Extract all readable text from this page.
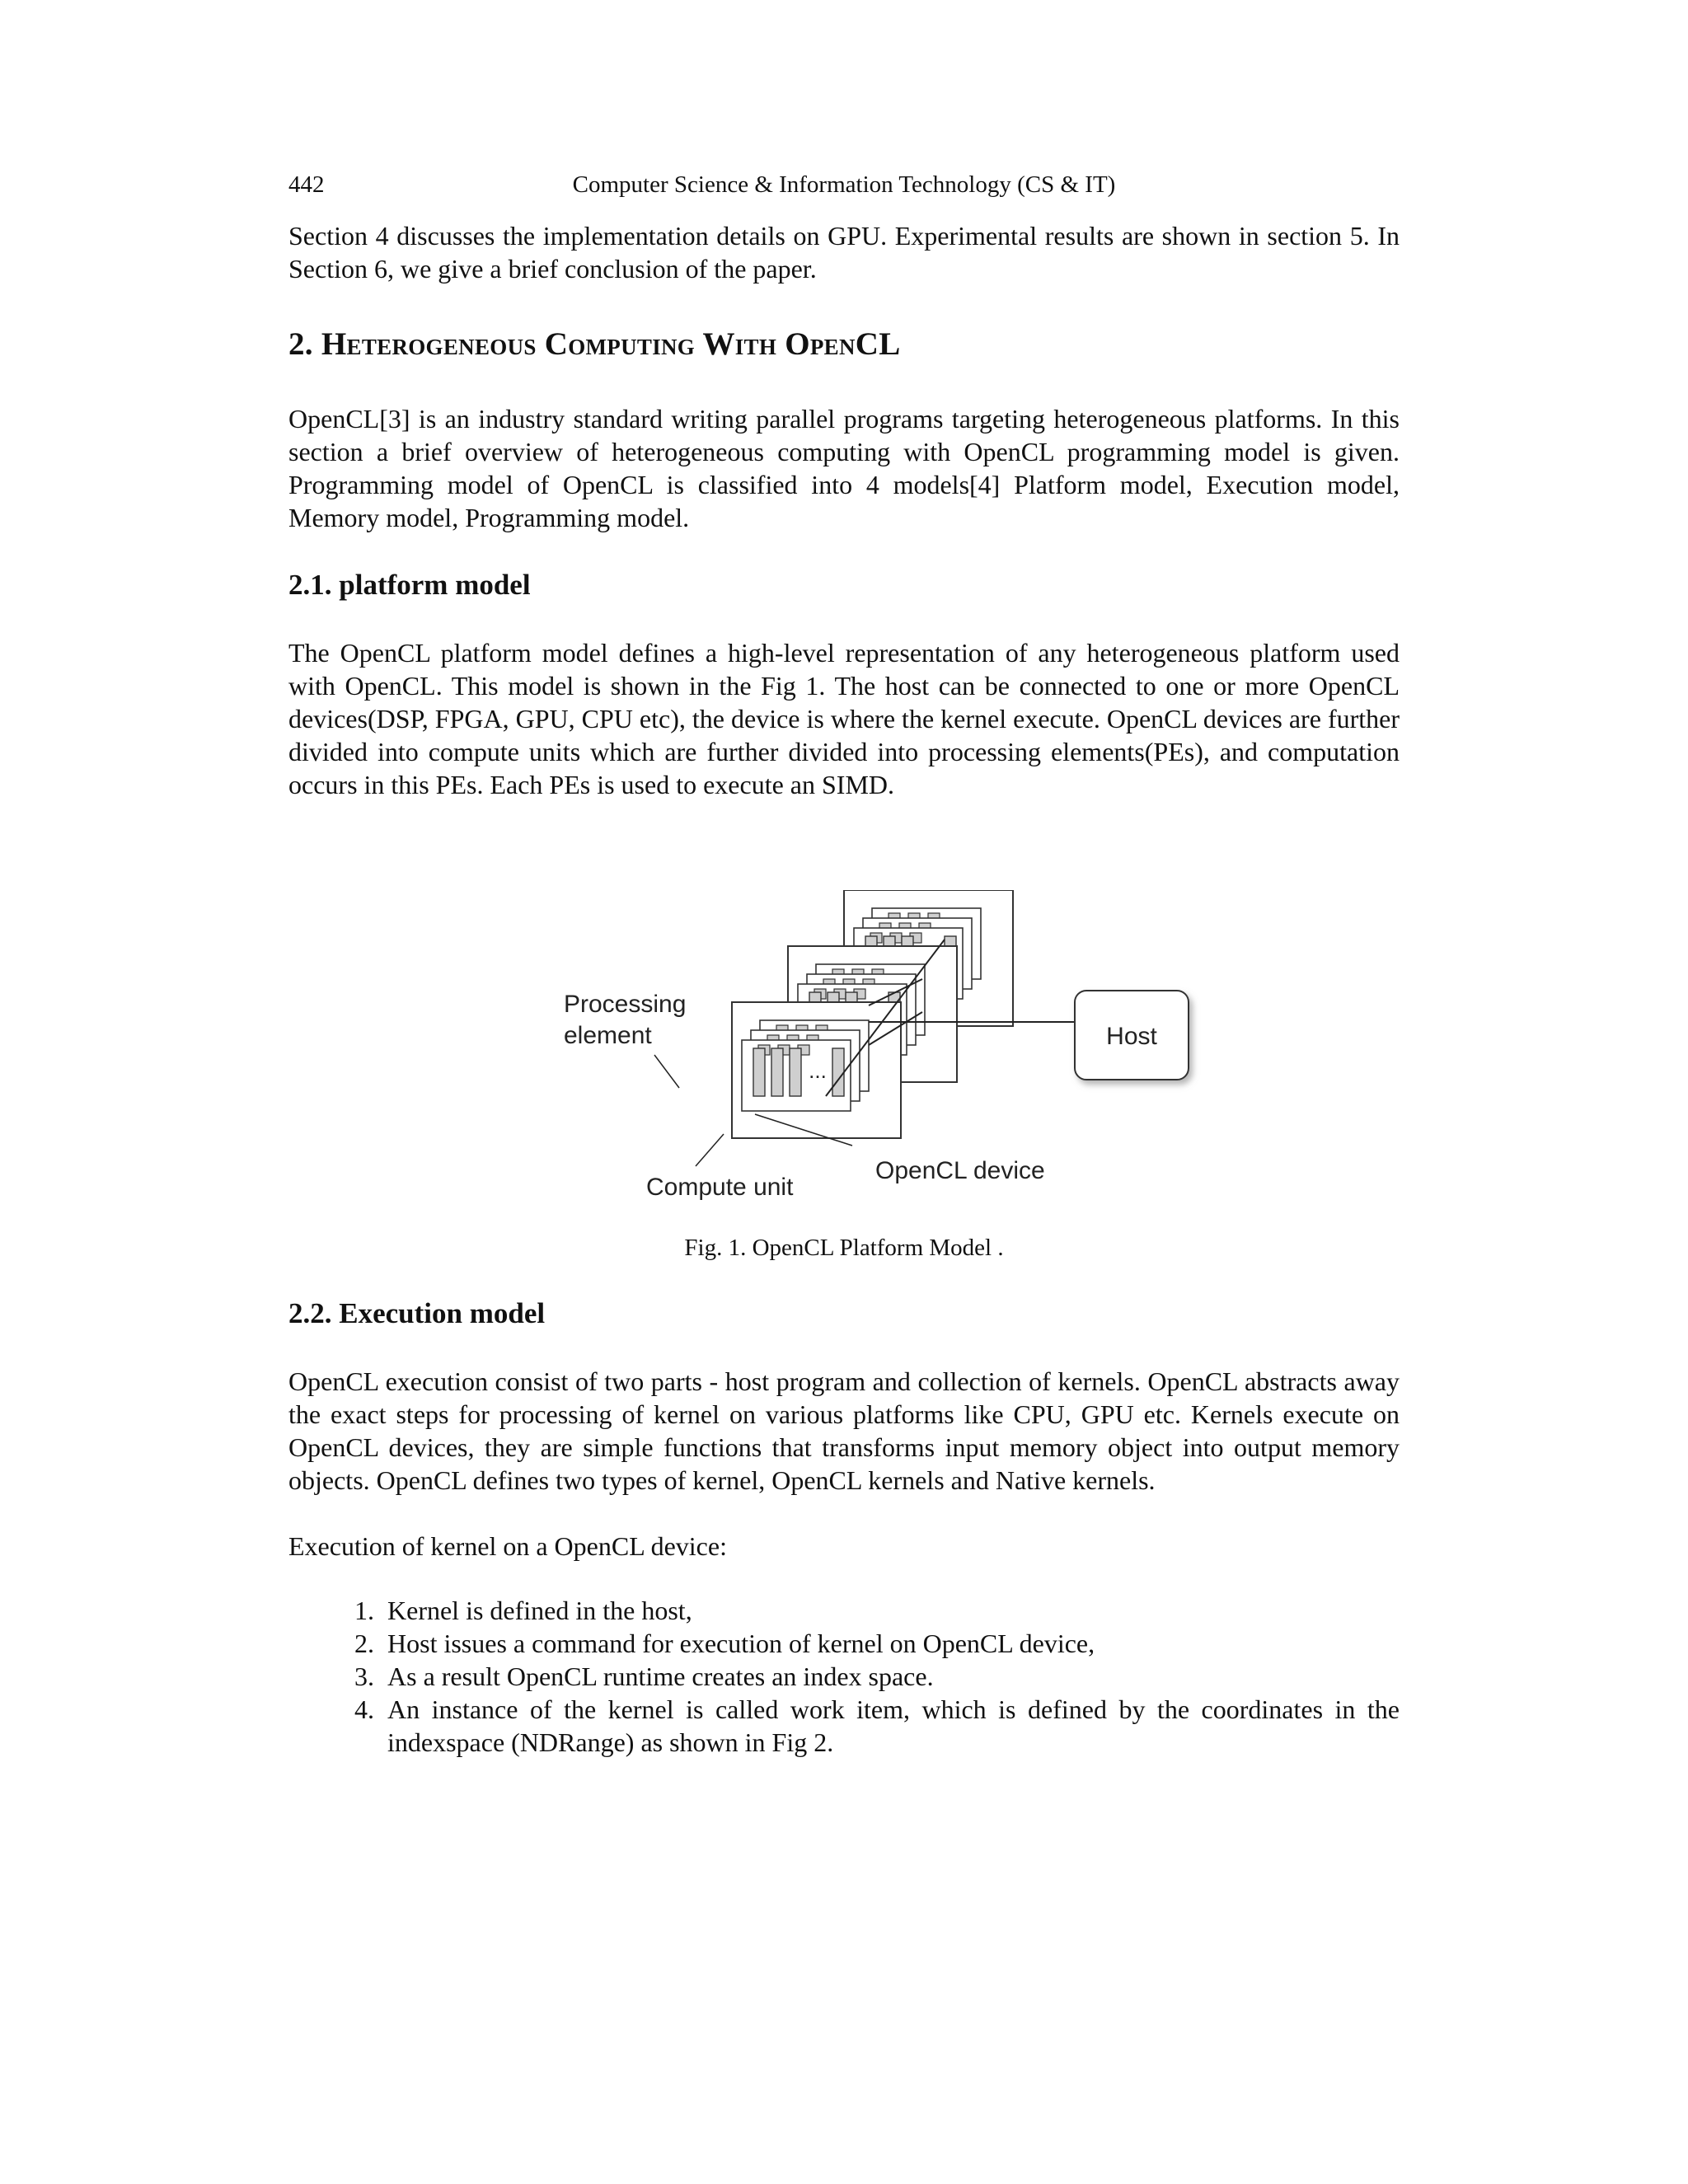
442	Computer Science & Information Technology (CS & IT)

Section 4 discusses the implementation details on GPU. Experimental results are shown in section 5. In Section 6, we give a brief conclusion of the paper.

2. Heterogeneous Computing With OpenCL

OpenCL[3] is an industry standard writing parallel programs targeting heterogeneous platforms. In this section a brief overview of heterogeneous computing with OpenCL programming model is given. Programming model of OpenCL is classified into 4 models[4] Platform model, Execution model, Memory model, Programming model.

2.1. platform model

The OpenCL platform model defines a high-level representation of any heterogeneous platform used with OpenCL. This model is shown in the Fig 1. The host can be connected to one or more OpenCL devices(DSP, FPGA, GPU, CPU etc), the device is where the kernel execute. OpenCL devices are further divided into compute units which are further divided into processing elements(PEs), and computation occurs in this PEs. Each PEs is used to execute an SIMD.

...
Host
Processing
element
Compute unit
OpenCL device
Fig. 1. OpenCL Platform Model .
2.2. Execution model

OpenCL execution consist of two parts - host program and collection of kernels. OpenCL abstracts away the exact steps for processing of kernel on various platforms like CPU, GPU etc. Kernels execute on OpenCL devices, they are simple functions that transforms input memory object into output memory objects. OpenCL defines two types of kernel, OpenCL kernels and Native kernels.

Execution of kernel on a OpenCL device:

1. Kernel is defined in the host,
2. Host issues a command for execution of kernel on OpenCL device,
3. As a result OpenCL runtime creates an index space.
4. An instance of the kernel is called work item, which is defined by the coordinates in the indexspace (NDRange) as shown in Fig 2.
